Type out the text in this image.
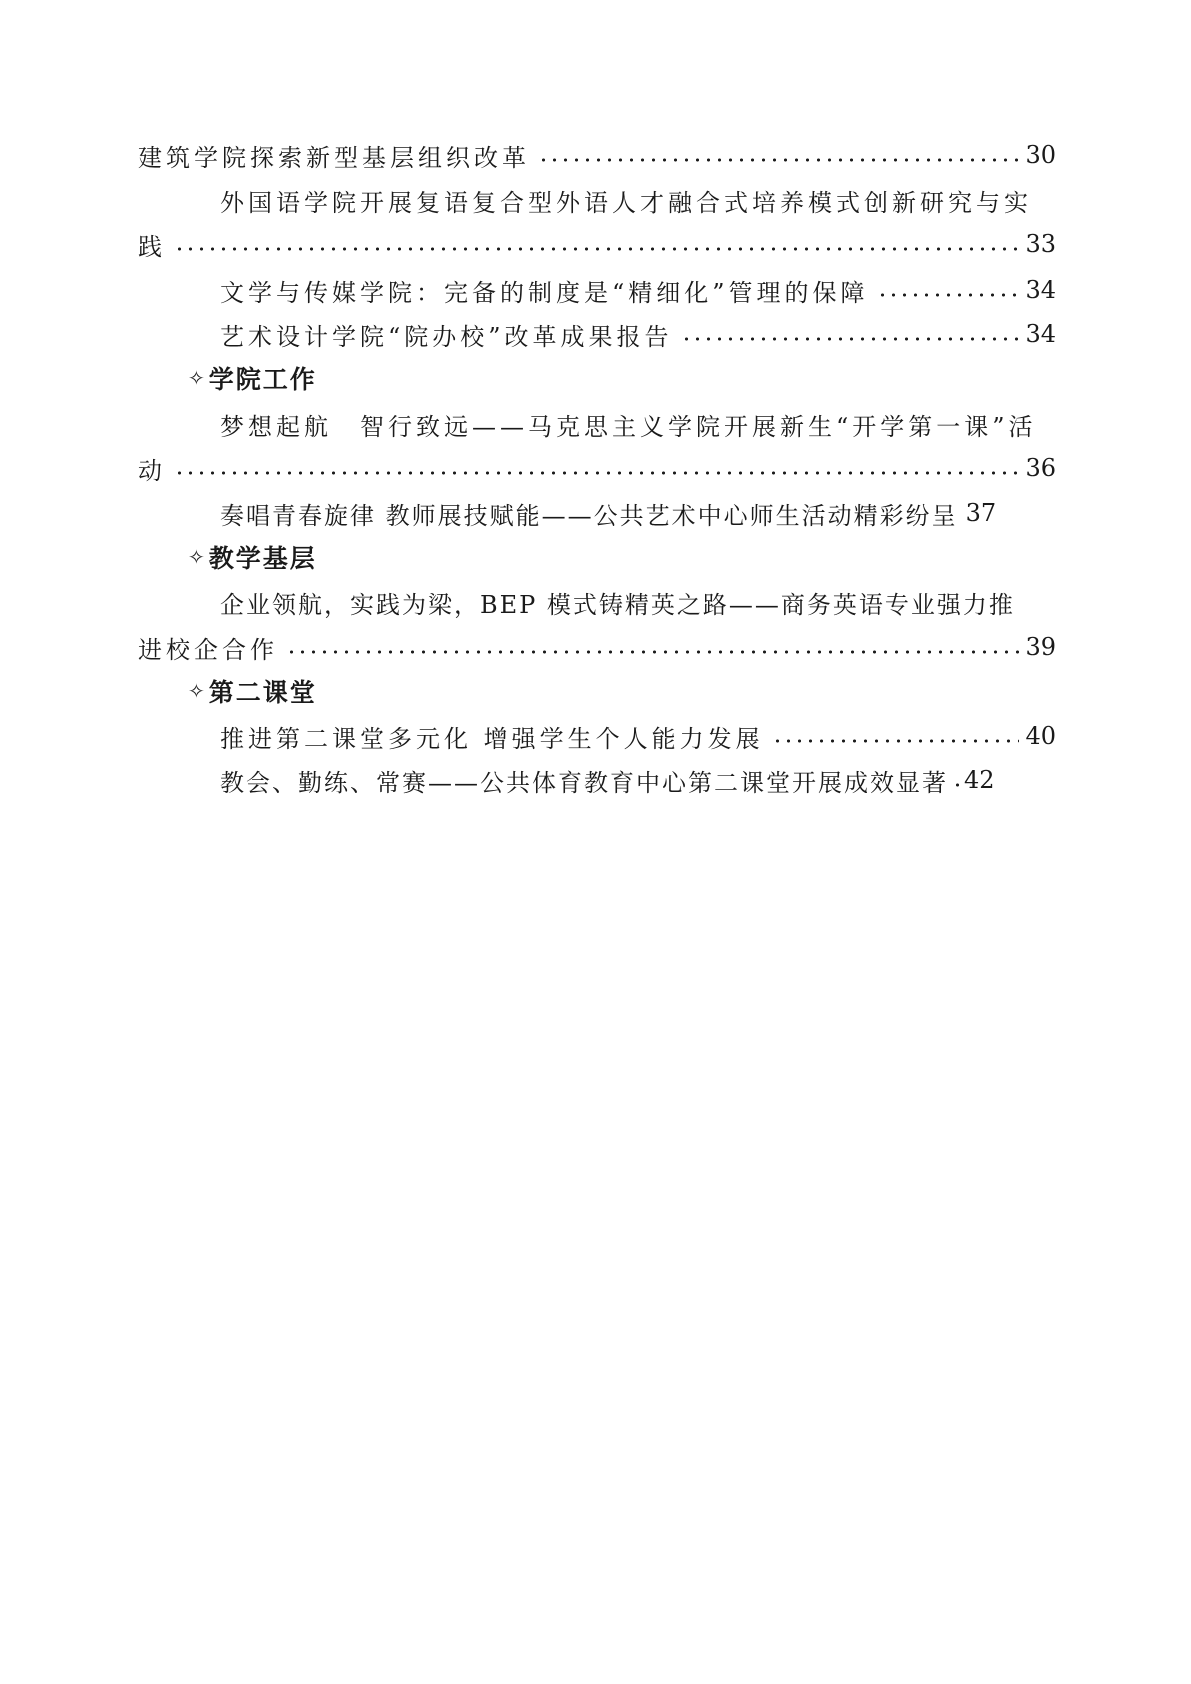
建筑学院探索新型基层组织改革	30
外国语学院开展复语复合型外语人才融合式培养模式创新研究与实
践	33
文学与传媒学院：完备的制度是“精细化”管理的保障	34
艺术设计学院“院办校”改革成果报告	34
✧ 学院工作
梦想起航　智行致远——马克思主义学院开展新生“开学第一课”活
动	36
奏唱青春旋律 教师展技赋能——公共艺术中心师生活动精彩纷呈 37
✧ 教学基层
企业领航，实践为梁，BEP 模式铸精英之路——商务英语专业强力推
进校企合作	39
✧ 第二课堂
推进第二课堂多元化 增强学生个人能力发展	40
教会、勤练、常赛——公共体育教育中心第二课堂开展成效显著 42
